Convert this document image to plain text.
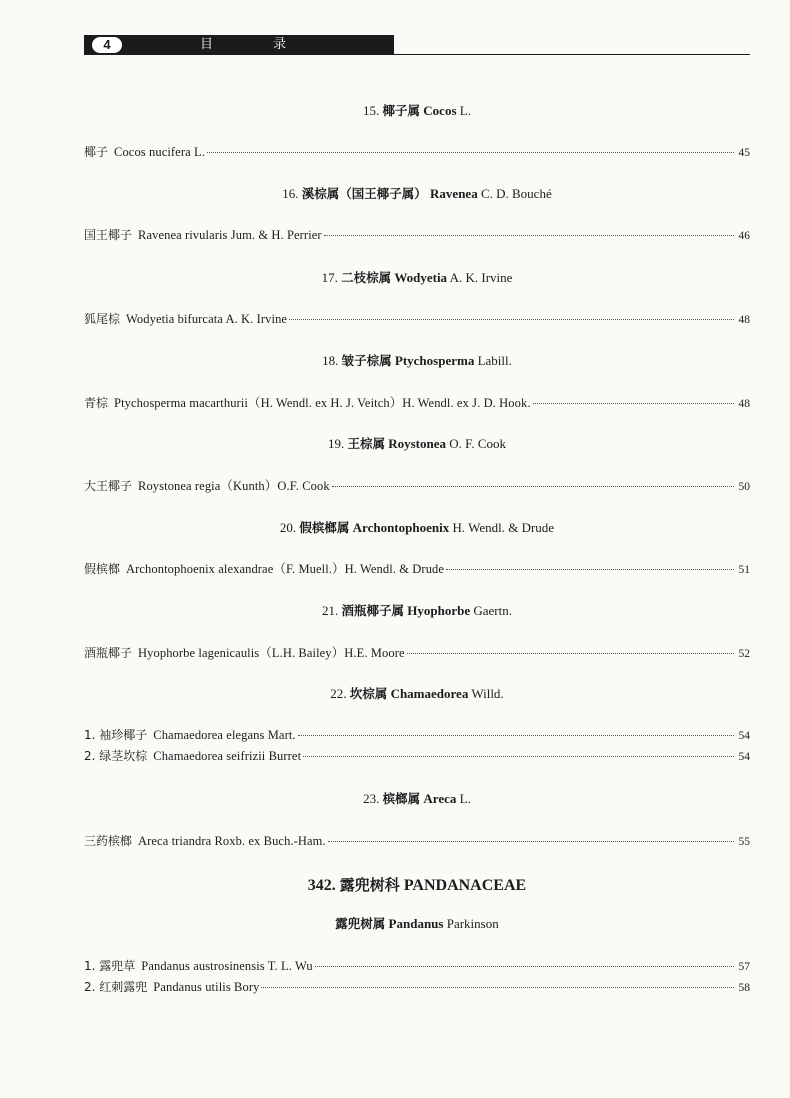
4	目 录
15. 椰子属 Cocos L.
椰子 Cocos nucifera L.	45
16. 溪棕属（国王椰子属） Ravenea C. D. Bouché
国王椰子 Ravenea rivularis Jum. & H. Perrier	46
17. 二枝棕属 Wodyetia A. K. Irvine
狐尾棕 Wodyetia bifurcata A. K. Irvine	48
18. 皱子棕属 Ptychosperma Labill.
青棕 Ptychosperma macarthurii（H. Wendl. ex H. J. Veitch）H. Wendl. ex J. D. Hook.	48
19. 王棕属 Roystonea O. F. Cook
大王椰子 Roystonea regia（Kunth）O.F. Cook	50
20. 假槟榔属 Archontophoenix H. Wendl. & Drude
假槟榔 Archontophoenix alexandrae（F. Muell.）H. Wendl. & Drude	51
21. 酒瓶椰子属 Hyophorbe Gaertn.
酒瓶椰子 Hyophorbe lagenicaulis（L.H. Bailey）H.E. Moore	52
22. 坎棕属 Chamaedorea Willd.
1. 袖珍椰子 Chamaedorea elegans Mart.	54
2. 绿茎坎棕 Chamaedorea seifrizii Burret	54
23. 槟榔属 Areca L.
三药槟榔 Areca triandra Roxb. ex Buch.-Ham.	55
342. 露兜树科 PANDANACEAE
露兜树属 Pandanus Parkinson
1. 露兜草 Pandanus austrosinensis T. L. Wu	57
2. 红刺露兜 Pandanus utilis Bory	58
